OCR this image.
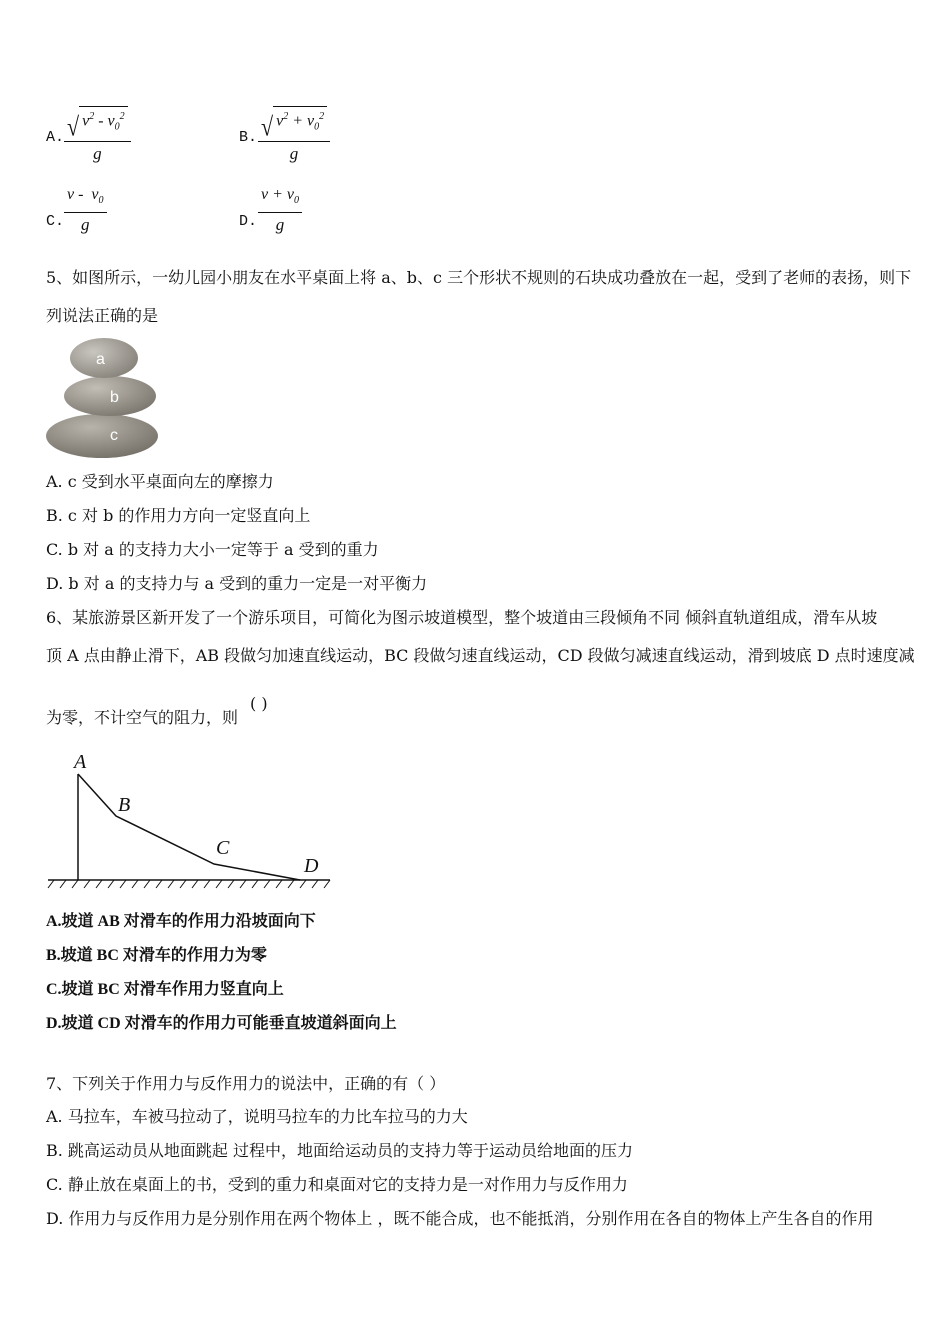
A. √ $v^2 - v_0^2$
g
B. √ $v^2 + v_0^2$
g
C.
v -  $v_0$
g	D.
$v + v_0$
g
5、如图所示，一幼儿园小朋友在水平桌面上将 a、b、c 三个形状不规则的石块成功叠放在一起，受到了老师的表扬，则下
列说法正确的是
a
b
c
A. c 受到水平桌面向左的摩擦力
B. c 对 b 的作用力方向一定竖直向上
C. b 对 a 的支持力大小一定等于 a 受到的重力
D. b 对 a 的支持力与 a 受到的重力一定是一对平衡力
6、某旅游景区新开发了一个游乐项目，可简化为图示坡道模型，整个坡道由三段倾角不同 倾斜直轨道组成，滑车从坡
顶 A 点由静止滑下，AB 段做匀加速直线运动，BC 段做匀速直线运动，CD 段做匀减速直线运动，滑到坡底 D 点时速度减
为零，不计空气的阻力，则
( )
A
B
C
D
A.坡道 AB 对滑车的作用力沿坡面向下
B.坡道 BC 对滑车的作用力为零
C.坡道 BC 对滑车作用力竖直向上
D.坡道 CD 对滑车的作用力可能垂直坡道斜面向上
7、下列关于作用力与反作用力的说法中，正确的有（ ）
A. 马拉车，车被马拉动了，说明马拉车的力比车拉马的力大
B. 跳高运动员从地面跳起 过程中，地面给运动员的支持力等于运动员给地面的压力
C. 静止放在桌面上的书，受到的重力和桌面对它的支持力是一对作用力与反作用力
D. 作用力与反作用力是分别作用在两个物体上 ，既不能合成，也不能抵消，分别作用在各自的物体上产生各自的作用
